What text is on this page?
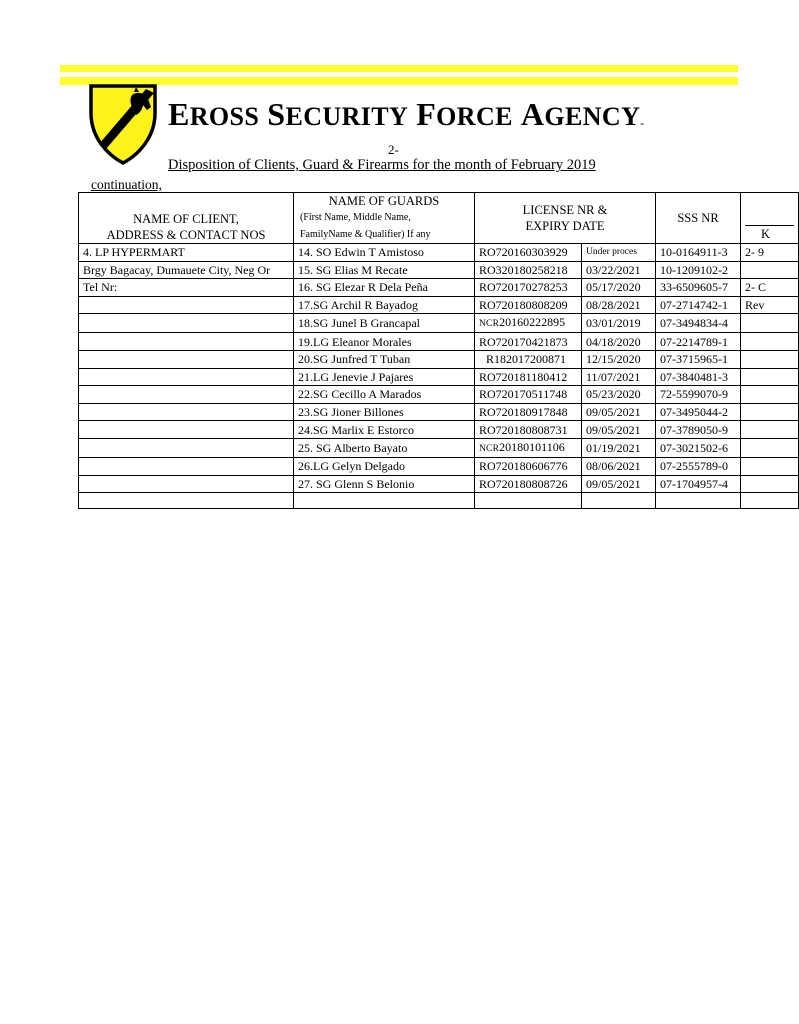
EROSS SECURITY FORCE AGENCY-
2-
Disposition of Clients, Guard & Firearms for the month of February 2019
continuation,
NAME OF CLIENT,
ADDRESS & CONTACT NOS	NAME OF GUARDS
(First Name, Middle Name,
FamilyName & Qualifier) If any	LICENSE NR &
EXPIRY DATE		SSS NR	K

4. LP HYPERMART	14. SO Edwin T Amistoso	RO720160303929	Under proces	10-0164911-3	2- 9
Brgy Bagacay, Dumauete City, Neg Or	15. SG Elias M Recate	RO320180258218	03/22/2021	10-1209102-2	
Tel Nr:	16. SG Elezar R Dela Peña	RO720170278253	05/17/2020	33-6509605-7	2- C
	17.SG Archil R Bayadog	RO720180808209	08/28/2021	07-2714742-1	Rev
	18.SG Junel B Grancapal	NCR20160222895	03/01/2019	07-3494834-4	
	19.LG Eleanor Morales	RO720170421873	04/18/2020	07-2214789-1	
	20.SG Junfred T Tuban	R182017200871	12/15/2020	07-3715965-1	
	21.LG Jenevie J Pajares	RO720181180412	11/07/2021	07-3840481-3	
	22.SG Cecillo A Marados	RO720170511748	05/23/2020	72-5599070-9	
	23.SG Jioner Billones	RO720180917848	09/05/2021	07-3495044-2	
	24.SG Marlix E Estorco	RO720180808731	09/05/2021	07-3789050-9	
	25. SG Alberto Bayato	NCR20180101106	01/19/2021	07-3021502-6	
	26.LG Gelyn Delgado	RO720180606776	08/06/2021	07-2555789-0	
	27. SG Glenn S Belonio	RO720180808726	09/05/2021	07-1704957-4	
